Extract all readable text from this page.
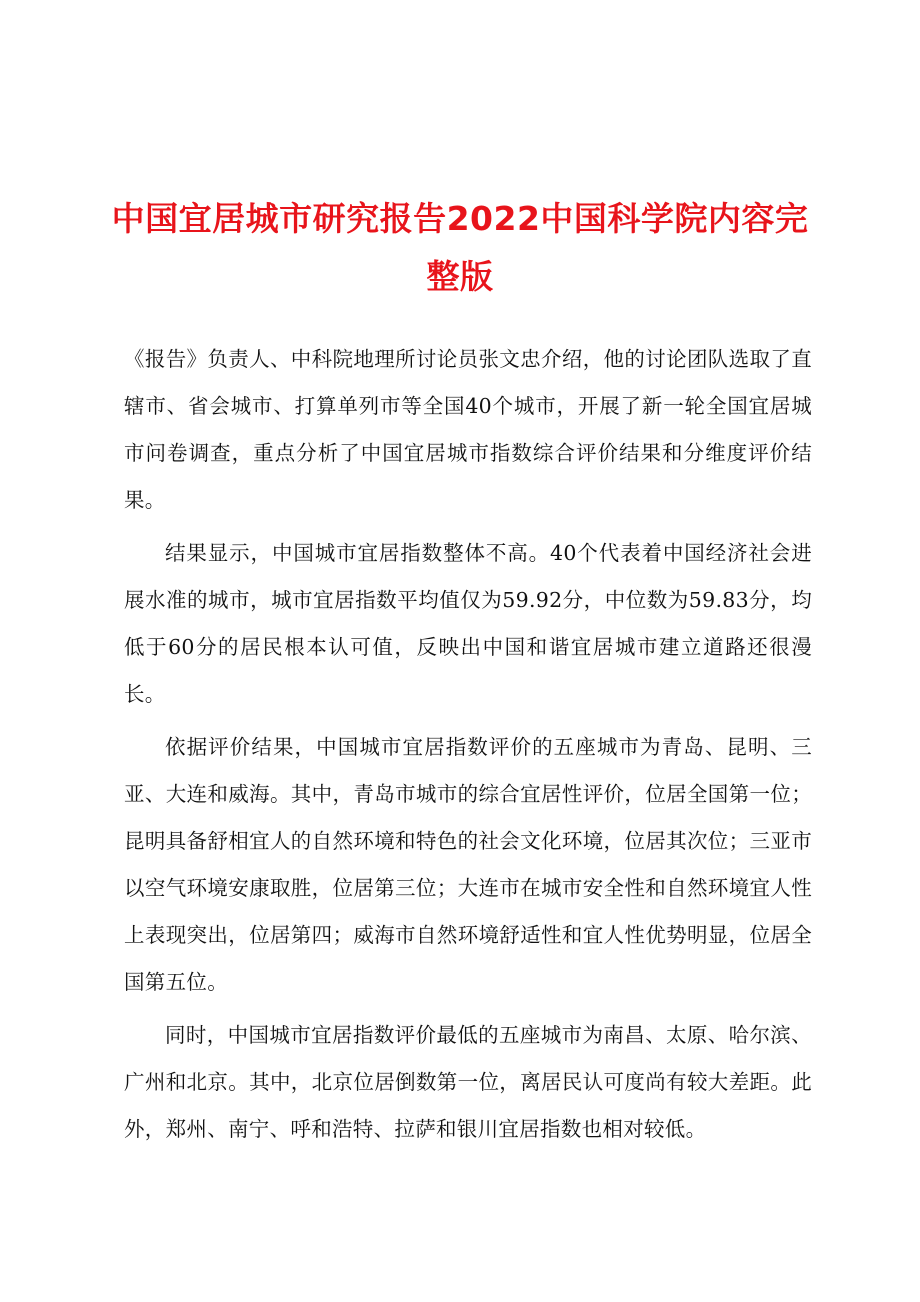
中国宜居城市研究报告2022中国科学院内容完整版

《报告》负责人、中科院地理所讨论员张文忠介绍，他的讨论团队选取了直辖市、省会城市、打算单列市等全国40个城市，开展了新一轮全国宜居城市问卷调查，重点分析了中国宜居城市指数综合评价结果和分维度评价结果。

结果显示，中国城市宜居指数整体不高。40个代表着中国经济社会进展水准的城市，城市宜居指数平均值仅为59.92分，中位数为59.83分，均低于60分的居民根本认可值，反映出中国和谐宜居城市建立道路还很漫长。

依据评价结果，中国城市宜居指数评价的五座城市为青岛、昆明、三亚、大连和威海。其中，青岛市城市的综合宜居性评价，位居全国第一位；昆明具备舒相宜人的自然环境和特色的社会文化环境，位居其次位；三亚市以空气环境安康取胜，位居第三位；大连市在城市安全性和自然环境宜人性上表现突出，位居第四；威海市自然环境舒适性和宜人性优势明显，位居全国第五位。

同时，中国城市宜居指数评价最低的五座城市为南昌、太原、哈尔滨、广州和北京。其中，北京位居倒数第一位，离居民认可度尚有较大差距。此外，郑州、南宁、呼和浩特、拉萨和银川宜居指数也相对较低。
